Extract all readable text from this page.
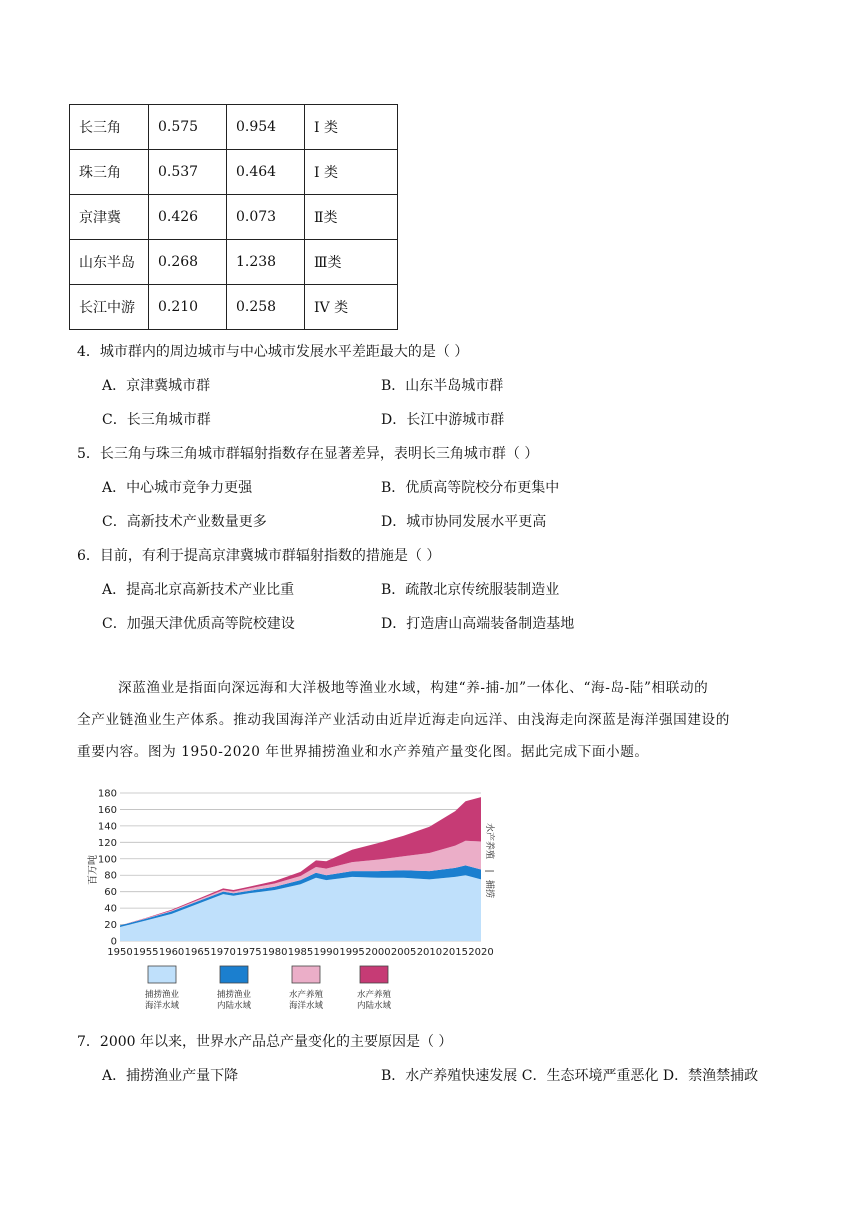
长三角	0.575	0.954	I 类
珠三角	0.537	0.464	I 类
京津冀	0.426	0.073	Ⅱ类
山东半岛	0.268	1.238	Ⅲ类
长江中游	0.210	0.258	IV 类
4．城市群内的周边城市与中心城市发展水平差距最大的是（ ）
A．京津冀城市群	B．山东半岛城市群
C．长三角城市群	D．长江中游城市群
5．长三角与珠三角城市群辐射指数存在显著差异，表明长三角城市群（ ）
A．中心城市竞争力更强	B．优质高等院校分布更集中
C．高新技术产业数量更多	D．城市协同发展水平更高
6．目前，有利于提高京津冀城市群辐射指数的措施是（ ）
A．提高北京高新技术产业比重	B．疏散北京传统服装制造业
C．加强天津优质高等院校建设	D．打造唐山高端装备制造基地
深蓝渔业是指面向深远海和大洋极地等渔业水域，构建“养-捕-加”一体化、“海-岛-陆”相联动的
全产业链渔业生产体系。推动我国海洋产业活动由近岸近海走向远洋、由浅海走向深蓝是海洋强国建设的
重要内容。图为 1950-2020 年世界捕捞渔业和水产养殖产量变化图。据此完成下面小题。
0
20
40
60
80
100
120
140
160
180
1950 1955 1960 1965 1970 1975 1980 1985 1990 1995 2000 2005 2010 2015 2020
百万吨
水产养殖
|
捕捞
捕捞渔业
海洋水域
捕捞渔业
内陆水域
水产养殖
海洋水域
水产养殖
内陆水域
7．2000 年以来，世界水产品总产量变化的主要原因是（ ）
A．捕捞渔业产量下降	B．水产养殖快速发展 C．生态环境严重恶化 D．禁渔禁捕政
